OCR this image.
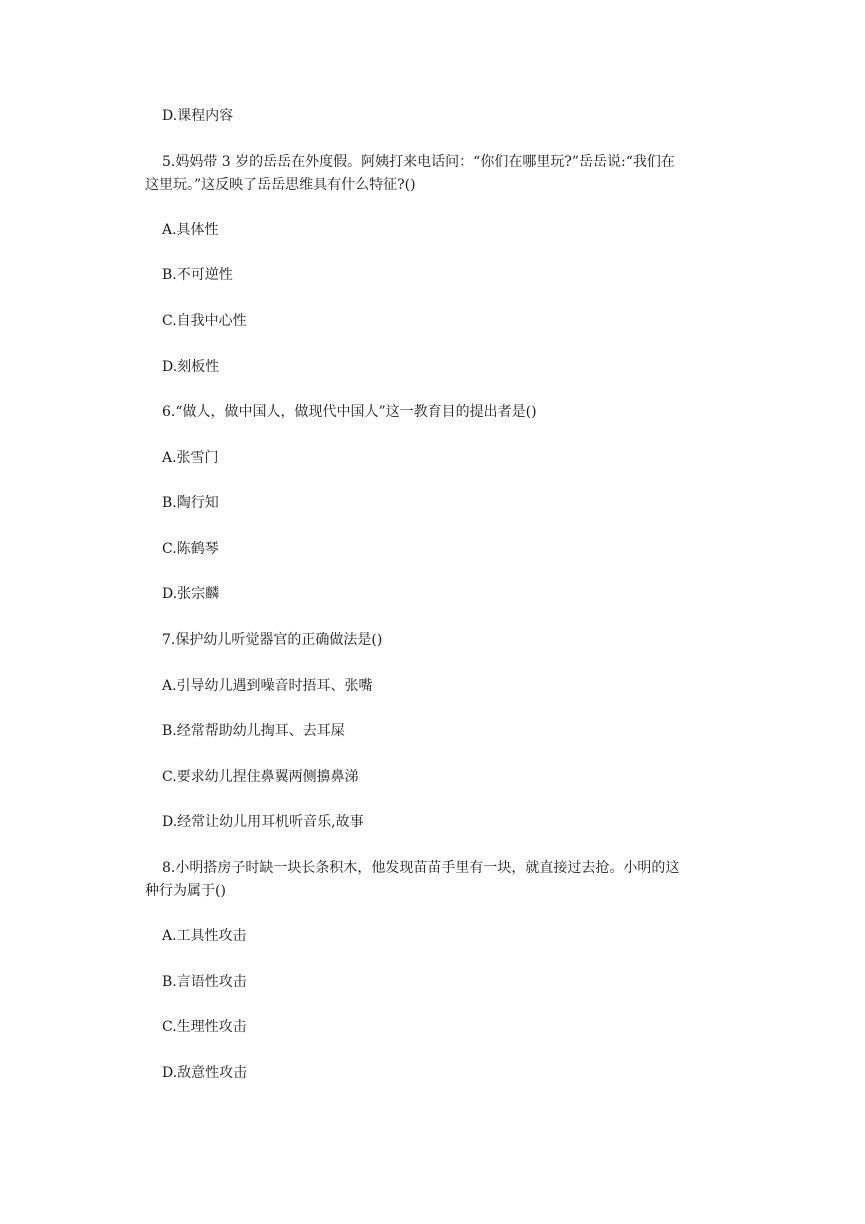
D.课程内容
5.妈妈带 3 岁的岳岳在外度假。阿姨打来电话问：“你们在哪里玩?”岳岳说:“我们在
这里玩。”这反映了岳岳思维具有什么特征?()
A.具体性
B.不可逆性
C.自我中心性
D.刻板性
6.“做人，做中国人，做现代中国人”这一教育目的提出者是()
A.张雪门
B.陶行知
C.陈鹤琴
D.张宗麟
7.保护幼儿听觉器官的正确做法是()
A.引导幼儿遇到噪音时捂耳、张嘴
B.经常帮助幼儿掏耳、去耳屎
C.要求幼儿捏住鼻翼两侧擤鼻涕
D.经常让幼儿用耳机听音乐,故事
8.小明搭房子时缺一块长条积木，他发现苗苗手里有一块，就直接过去抢。小明的这
种行为属于()
A.工具性攻击
B.言语性攻击
C.生理性攻击
D.敌意性攻击
